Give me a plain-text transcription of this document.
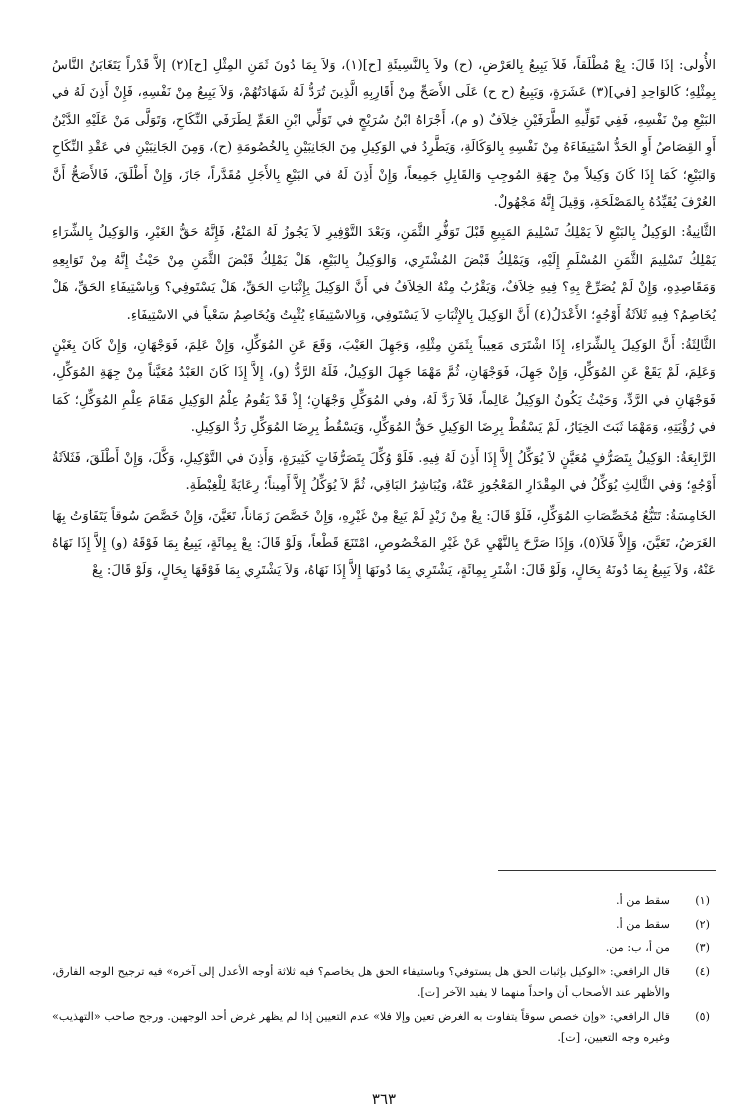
الأُولى: إذَا قَالَ: بِعْ مُطْلَقاً، فَلاَ يَبِيعُ بِالعَرْضِ، (ح) ولاَ بِالنَّسِيئَةِ [ح](١)، وَلاَ بِمَا دُونَ ثَمَنِ المِثْلِ [ح](٢) إلاَّ قَدْراً يَتَغَابَنُ النَّاسُ بِمِثْلِهِ؛ كَالوَاحِدِ [في](٣) عَشَرَةٍ، وَيَبِيعُ (ح ح) عَلَى الأَصَحِّ مِنْ أَقَارِبِهِ الَّذِينَ تُرَدُّ لَهُ شَهَادَتُهُمْ، وَلاَ يَبِيعُ مِنْ نَفْسِهِ، فَإِنْ أَذِنَ لَهُ في البَيْعِ مِنْ نَفْسِهِ، فَفِي تَوَلِّيهِ الطَّرَفَيْنِ خِلاَفٌ (و م)، أَجْرَاهُ ابْنُ سُرَيْجٍ في تَوَلِّي ابْنِ العَمِّ لِطَرَفَي النِّكَاحِ، وَتَوَلَّى مَنْ عَلَيْهِ الدَّيْنُ أَوِ القِصَاصُ أَوِ الحَدُّ اسْتِيفَاءَهُ مِنْ نَفْسِهِ بِالوَكَالَةِ، وَيَطَّرِدُ في الوَكِيلِ مِنَ الجَانِبَيْنِ بِالخُصُومَةِ (ح)، وَمِنَ الجَانِبَيْنِ في عَقْدِ النِّكَاحِ وَالبَيْعِ؛ كَمَا إِذَا كَانَ وَكِيلاً مِنْ جِهَةِ المُوجِبِ وَالقَابِلِ جَمِيعاً، وَإِنْ أَذِنَ لَهُ في البَيْعِ بِالأَجَلِ مُقَدَّراً، جَازَ، وَإِنْ أَطْلَقَ، فَالأَصَحُّ أَنَّ العُرْفَ يُقَيِّدُهُ بِالمَصْلَحَةِ، وَقِيلَ إِنَّهُ مَجْهُولٌ.

الثَّانِيةُ: الوَكِيلُ بِالبَيْعِ لاَ يَمْلِكُ تَسْلِيمَ المَبِيعِ قَبْلَ تَوَفُّرِ الثَّمَنِ، وَبَعْدَ التَّوْفِيرِ لاَ يَجُوزُ لَهُ المَنْعُ، فَإِنَّهُ حَقُّ الغَيْرِ، وَالوَكِيلُ بِالشِّرَاءِ يَمْلِكُ تَسْلِيمَ الثَّمَنِ المُسْلَمِ إِلَيْهِ، وَيَمْلِكُ قَبْضَ المُشْتَرِي، وَالوَكِيلُ بِالبَيْعِ، هَلْ يَمْلِكُ قَبْضَ الثَّمَنِ مِنْ حَيْثُ إِنَّهُ مِنْ تَوَابِعِهِ وَمَقَاصِدِهِ، وَإِنْ لَمْ يُصَرِّحْ بِهِ؟ فِيهِ خِلاَفٌ، وَيَقْرُبُ مِنْهُ الخِلاَفُ في أَنَّ الوَكِيلَ بِإِثْبَاتِ الحَقِّ، هَلْ يَسْتَوفِي؟ وَبِاسْتِيفَاءِ الحَقِّ، هَلْ يُخَاصِمُ؟ فِيهِ ثَلاَثَةُ أَوْجُهٍ؛ الأَعْدَلُ(٤) أَنَّ الوَكِيلَ بِالإِثْبَاتِ لاَ يَسْتَوفِي، وَبِالاسْتِيفَاءِ يُثْبِتُ وَيُخَاصِمُ سَعْياً في الاسْتِيفَاءِ.

الثَّالِثَةُ: أَنَّ الوَكِيلَ بِالشِّرَاءِ، إِذَا اشْتَرَى مَعِيباً بِثَمَنِ مِثْلِهِ، وَجَهِلَ العَيْبَ، وَقَعَ عَنِ المُوَكِّلِ، وَإِنْ عَلِمَ، فَوَجْهَانِ، وَإِنْ كَانَ بِغَبْنٍ وَعَلِمَ، لَمْ يَقَعْ عَنِ المُوَكِّلِ، وَإِنْ جَهِلَ، فَوَجْهَانِ، ثُمَّ مَهْمَا جَهِلَ الوَكِيلُ، فَلَهُ الرَّدُّ (و)، إِلاَّ إِذَا كَانَ العَبْدُ مُعَيَّناً مِنْ جِهَةِ المُوَكِّلِ، فَوَجْهَانِ في الرَّدِّ، وَحَيْثُ يَكُونُ الوَكِيلُ عَالِماً، فَلاَ رَدَّ لَهُ، وفي المُوَكِّلِ وَجْهَانِ؛ إِذْ قَدْ يَقُومُ عِلْمُ الوَكِيلِ مَقَامَ عِلْمِ المُوَكِّلِ؛ كَمَا في رُؤْيَتِهِ، وَمَهْمَا ثَبَتَ الخِيَارُ، لَمْ يَسْقُطْ بِرِضَا الوَكِيلِ حَقُّ المُوَكِّلِ، وَيَسْقُطُ بِرِضَا المُوَكِّلِ رَدُّ الوَكِيلِ.

الرَّابِعَةُ: الوَكِيلُ بِتَصَرُّفٍ مُعَيَّنٍ لاَ يُوَكِّلُ إِلاَّ إِذَا أَذِنَ لَهُ فِيهِ. فَلَوْ وُكِّلَ بِتَصَرُّفَاتٍ كَثِيرَةٍ، وَأَذِنَ في التَّوْكِيلِ، وَكَّلَ، وَإِنْ أَطْلَقَ، فَثَلاَثَةُ أَوْجُهٍ؛ وَفي الثَّالِثِ يُوَكِّلُ في المِقْدَارِ المَعْجُوزِ عَنْهُ، وَيُبَاشِرُ البَاقِي، ثُمَّ لاَ يُوَكِّلُ إِلاَّ أَمِيناً؛ رِعَايَةً لِلْغِبْطَةِ.

الخَامِسَةُ: تَتَبُّعُ مُخَصِّصَاتِ المُوَكِّلِ، فَلَوْ قَالَ: بِعْ مِنْ زَيْدٍ لَمْ يَبِعْ مِنْ غَيْرِهِ، وَإِنْ خَصَّصَ زَمَاناً، تَعَيَّنَ، وَإِنْ خَصَّصَ سُوقاً يَتَفَاوَتُ بِهَا الغَرَضُ، تَعَيَّنَ، وَإِلاَّ فَلاَ(٥)، وَإِذَا صَرَّحَ بِالنَّهْيِ عَنْ غَيْرِ المَخْصُوصِ، امْتَنَعَ قَطْعاً، وَلَوْ قَالَ: بِعْ بِمِائَةٍ، يَبِيعُ بِمَا فَوْقَهُ (و) إِلاَّ إِذَا نَهَاهُ عَنْهُ، وَلاَ يَبِيعُ بِمَا دُونَهُ بِحَالٍ، وَلَوْ قَالَ: اشْتَرِ بِمِائَةٍ، يَشْتَرِي بِمَا دُونَهَا إِلاَّ إِذَا نَهَاهُ، وَلاَ يَشْتَرِي بِمَا فَوْقَهَا بِحَالٍ، وَلَوْ قَالَ: بِعْ

(١)
سقط من أ.
(٢)
سقط من أ.
(٣)
من أ، ب: من.
(٤)
قال الرافعي: «الوكيل بإثبات الحق هل يستوفي؟ وباستيفاء الحق هل يخاصم؟ فيه ثلاثة أوجه الأعدل إلى آخره» فيه ترجيح الوجه الفارق، والأظهر عند الأصحاب أن واحداً منهما لا يفيد الآخر [ت].
(٥)
قال الرافعي: «وإن خصص سوقاً يتفاوت به الغرض تعين وإلا فلا» عدم التعيين إذا لم يظهر غرض أحد الوجهين. ورجح صاحب «التهذيب» وغيره وجه التعيين، [ت].
٣٦٣
